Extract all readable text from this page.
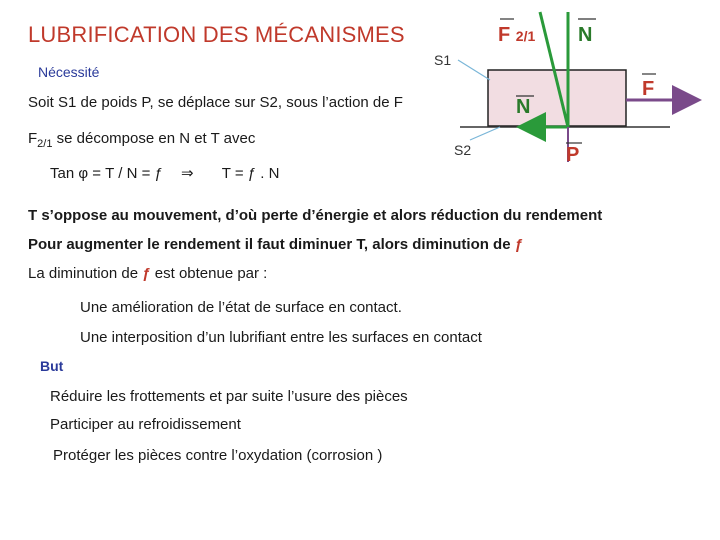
LUBRIFICATION DES MÉCANISMES
Nécessité
Soit S1 de poids P, se déplace sur S2, sous l’action de F
$F_{2/1}$ se décompose en N et T avec
Tan φ = T / N = ƒ ⇒ T = ƒ . N
S1
S2
F 2/1 N
N
F
P
T s’oppose au mouvement, d’où perte d’énergie et alors réduction du rendement
Pour augmenter le rendement il faut diminuer T, alors diminution de ƒ
La diminution de ƒ est obtenue par :
Une amélioration de l’état de surface en contact.
Une interposition d’un lubrifiant entre les surfaces en contact
But
Réduire les frottements et par suite l’usure des pièces
Participer au refroidissement
Protéger les pièces contre l’oxydation (corrosion )
